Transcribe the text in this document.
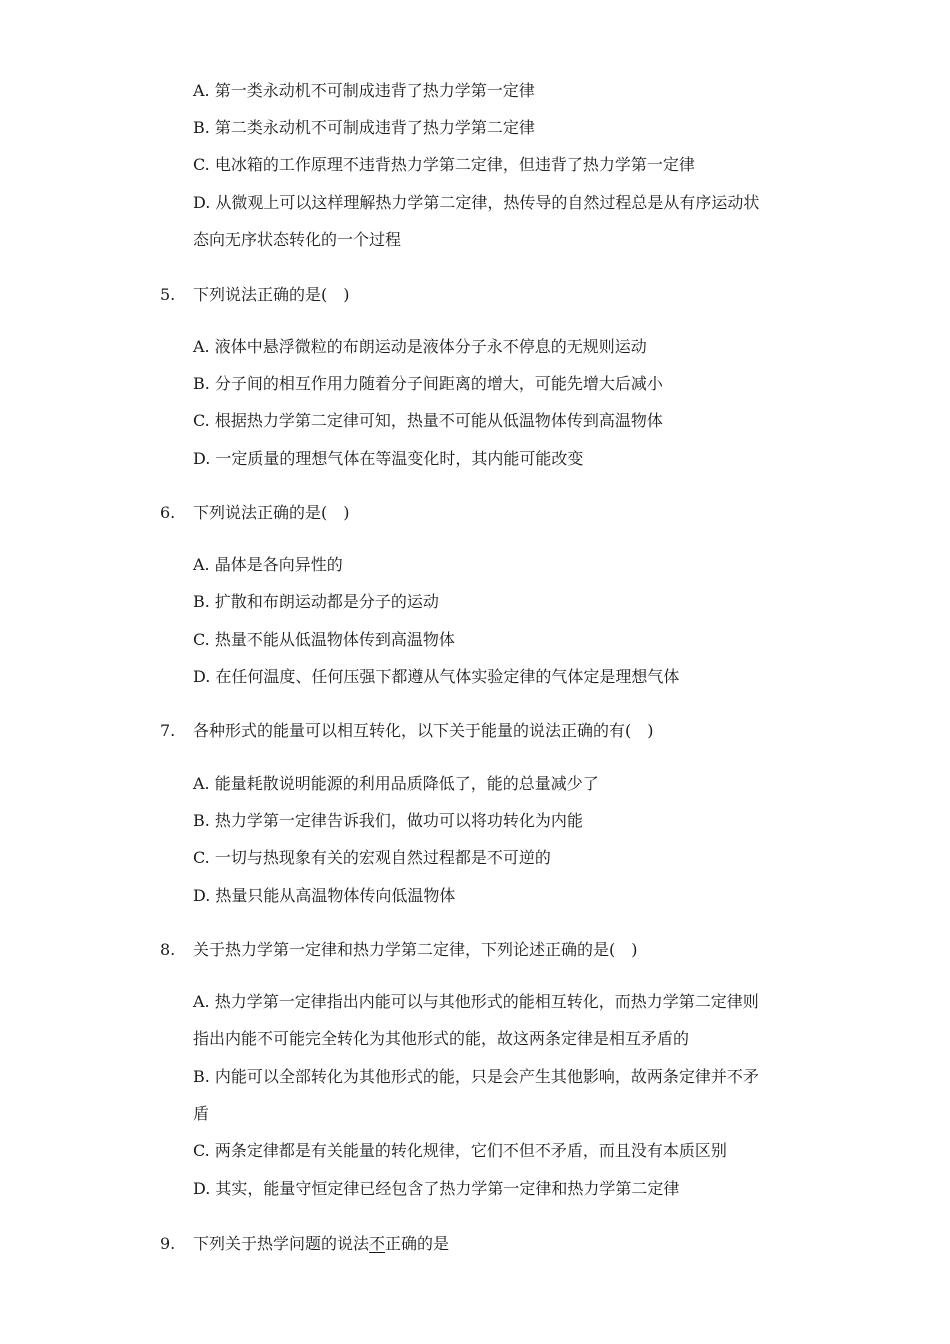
A. 第一类永动机不可制成违背了热力学第一定律
B. 第二类永动机不可制成违背了热力学第二定律
C. 电冰箱的工作原理不违背热力学第二定律，但违背了热力学第一定律
D. 从微观上可以这样理解热力学第二定律，热传导的自然过程总是从有序运动状
态向无序状态转化的一个过程
5.	下列说法正确的是(　)
A. 液体中悬浮微粒的布朗运动是液体分子永不停息的无规则运动
B. 分子间的相互作用力随着分子间距离的增大，可能先增大后减小
C. 根据热力学第二定律可知，热量不可能从低温物体传到高温物体
D. 一定质量的理想气体在等温变化时，其内能可能改变
6.	下列说法正确的是(　)
A. 晶体是各向异性的
B. 扩散和布朗运动都是分子的运动
C. 热量不能从低温物体传到高温物体
D. 在任何温度、任何压强下都遵从气体实验定律的气体定是理想气体
7.	各种形式的能量可以相互转化，以下关于能量的说法正确的有(　)
A. 能量耗散说明能源的利用品质降低了，能的总量减少了
B. 热力学第一定律告诉我们，做功可以将功转化为内能
C. 一切与热现象有关的宏观自然过程都是不可逆的
D. 热量只能从高温物体传向低温物体
8.	关于热力学第一定律和热力学第二定律，下列论述正确的是(　)
A. 热力学第一定律指出内能可以与其他形式的能相互转化，而热力学第二定律则
指出内能不可能完全转化为其他形式的能，故这两条定律是相互矛盾的
B. 内能可以全部转化为其他形式的能，只是会产生其他影响，故两条定律并不矛
盾
C. 两条定律都是有关能量的转化规律，它们不但不矛盾，而且没有本质区别
D. 其实，能量守恒定律已经包含了热力学第一定律和热力学第二定律
9.	下列关于热学问题的说法不正确的是
